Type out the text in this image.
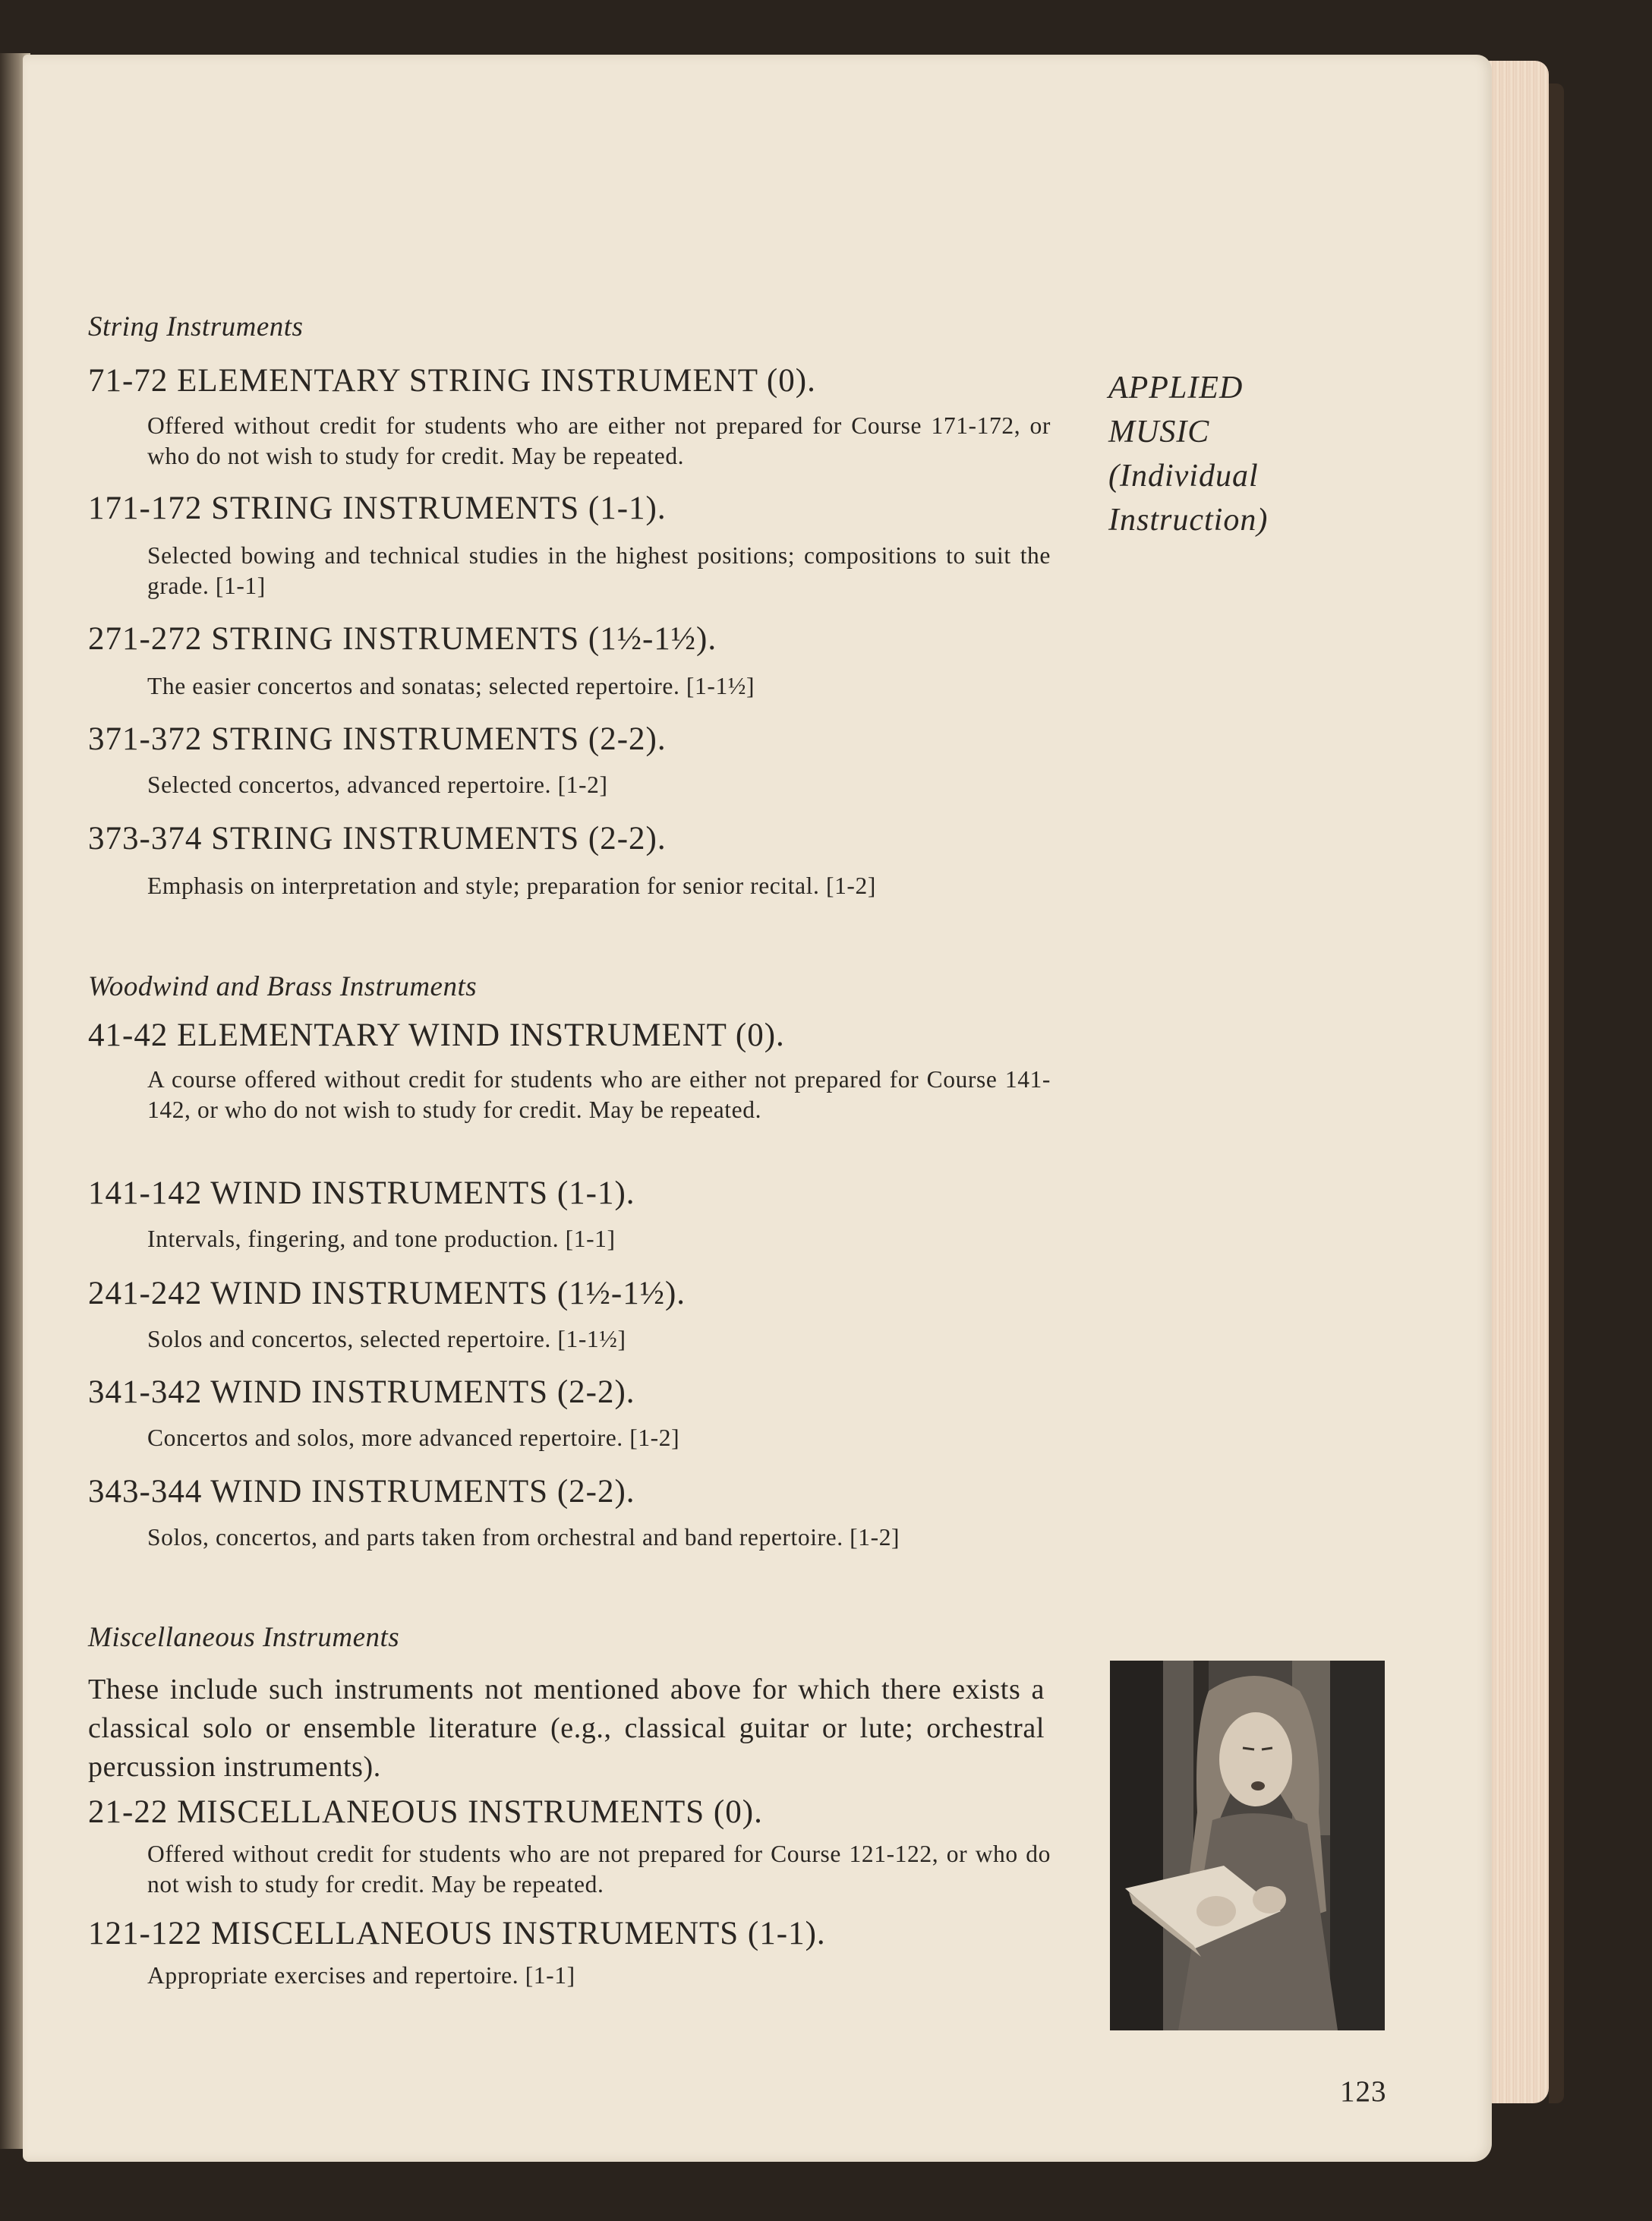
String Instruments
71-72 ELEMENTARY STRING INSTRUMENT (0).
Offered without credit for students who are either not prepared for Course 171-172, or who do not wish to study for credit. May be repeated.
171-172 STRING INSTRUMENTS (1-1).
Selected bowing and technical studies in the highest positions; compositions to suit the grade. [1-1]
271-272 STRING INSTRUMENTS (1½-1½).
The easier concertos and sonatas; selected repertoire. [1-1½]
371-372 STRING INSTRUMENTS (2-2).
Selected concertos, advanced repertoire. [1-2]
373-374 STRING INSTRUMENTS (2-2).
Emphasis on interpretation and style; preparation for senior recital. [1-2]
Woodwind and Brass Instruments
41-42 ELEMENTARY WIND INSTRUMENT (0).
A course offered without credit for students who are either not prepared for Course 141-142, or who do not wish to study for credit. May be repeated.
141-142 WIND INSTRUMENTS (1-1).
Intervals, fingering, and tone production. [1-1]
241-242 WIND INSTRUMENTS (1½-1½).
Solos and concertos, selected repertoire. [1-1½]
341-342 WIND INSTRUMENTS (2-2).
Concertos and solos, more advanced repertoire. [1-2]
343-344 WIND INSTRUMENTS (2-2).
Solos, concertos, and parts taken from orchestral and band repertoire. [1-2]
Miscellaneous Instruments
These include such instruments not mentioned above for which there exists a classical solo or ensemble literature (e.g., classical guitar or lute; orchestral percussion instruments).
21-22 MISCELLANEOUS INSTRUMENTS (0).
Offered without credit for students who are not prepared for Course 121-122, or who do not wish to study for credit. May be repeated.
121-122 MISCELLANEOUS INSTRUMENTS (1-1).
Appropriate exercises and repertoire. [1-1]
APPLIED
MUSIC
(Individual
Instruction)
123
